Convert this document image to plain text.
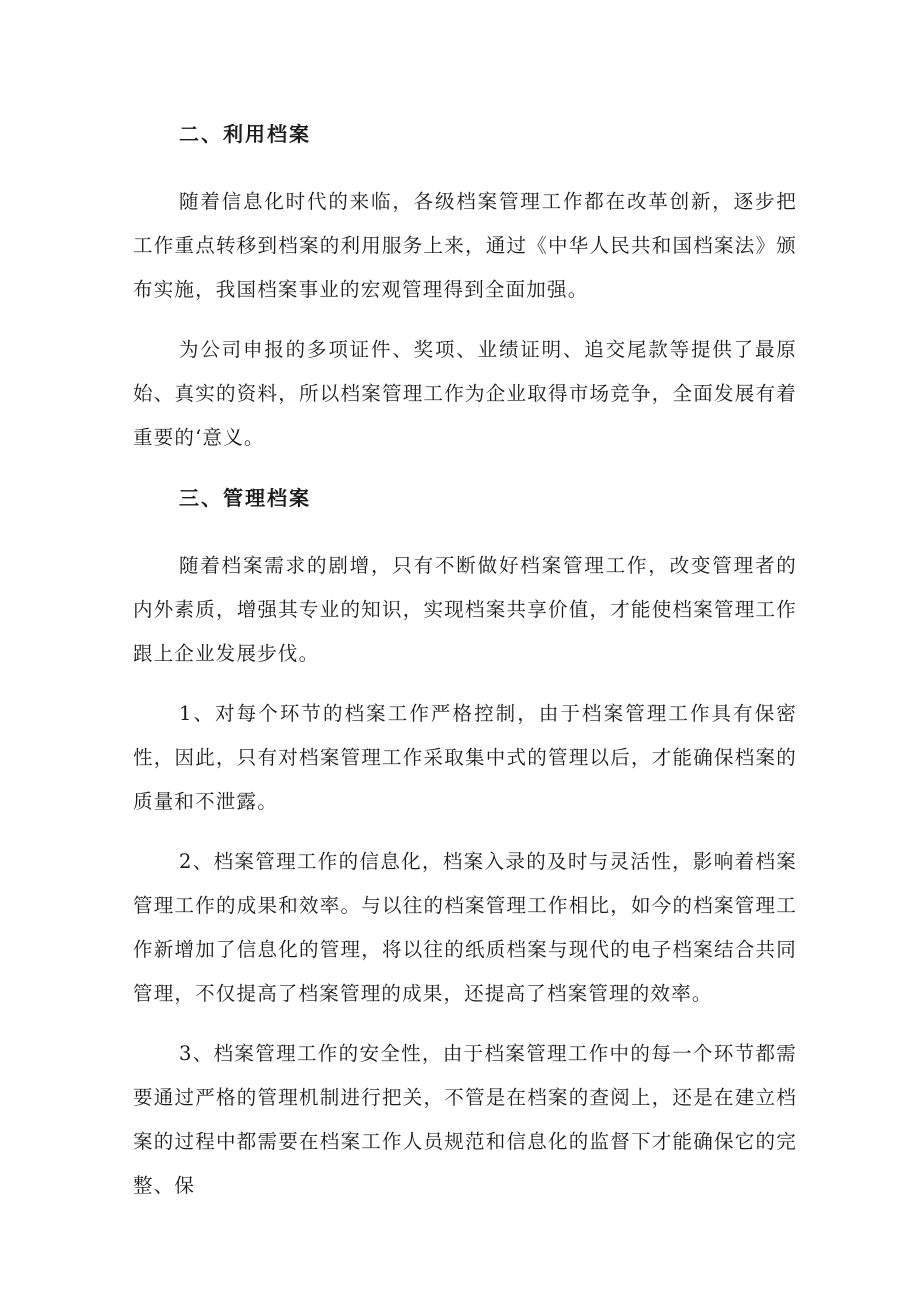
二、利用档案

随着信息化时代的来临，各级档案管理工作都在改革创新，逐步把工作重点转移到档案的利用服务上来，通过《中华人民共和国档案法》颁布实施，我国档案事业的宏观管理得到全面加强。

为公司申报的多项证件、奖项、业绩证明、追交尾款等提供了最原始、真实的资料，所以档案管理工作为企业取得市场竞争，全面发展有着重要的‘意义。

三、管理档案

随着档案需求的剧增，只有不断做好档案管理工作，改变管理者的内外素质，增强其专业的知识，实现档案共享价值，才能使档案管理工作跟上企业发展步伐。

1、对每个环节的档案工作严格控制，由于档案管理工作具有保密性，因此，只有对档案管理工作采取集中式的管理以后，才能确保档案的质量和不泄露。

2、档案管理工作的信息化，档案入录的及时与灵活性，影响着档案管理工作的成果和效率。与以往的档案管理工作相比，如今的档案管理工作新增加了信息化的管理，将以往的纸质档案与现代的电子档案结合共同管理，不仅提高了档案管理的成果，还提高了档案管理的效率。

3、档案管理工作的安全性，由于档案管理工作中的每一个环节都需要通过严格的管理机制进行把关，不管是在档案的查阅上，还是在建立档案的过程中都需要在档案工作人员规范和信息化的监督下才能确保它的完整、保
